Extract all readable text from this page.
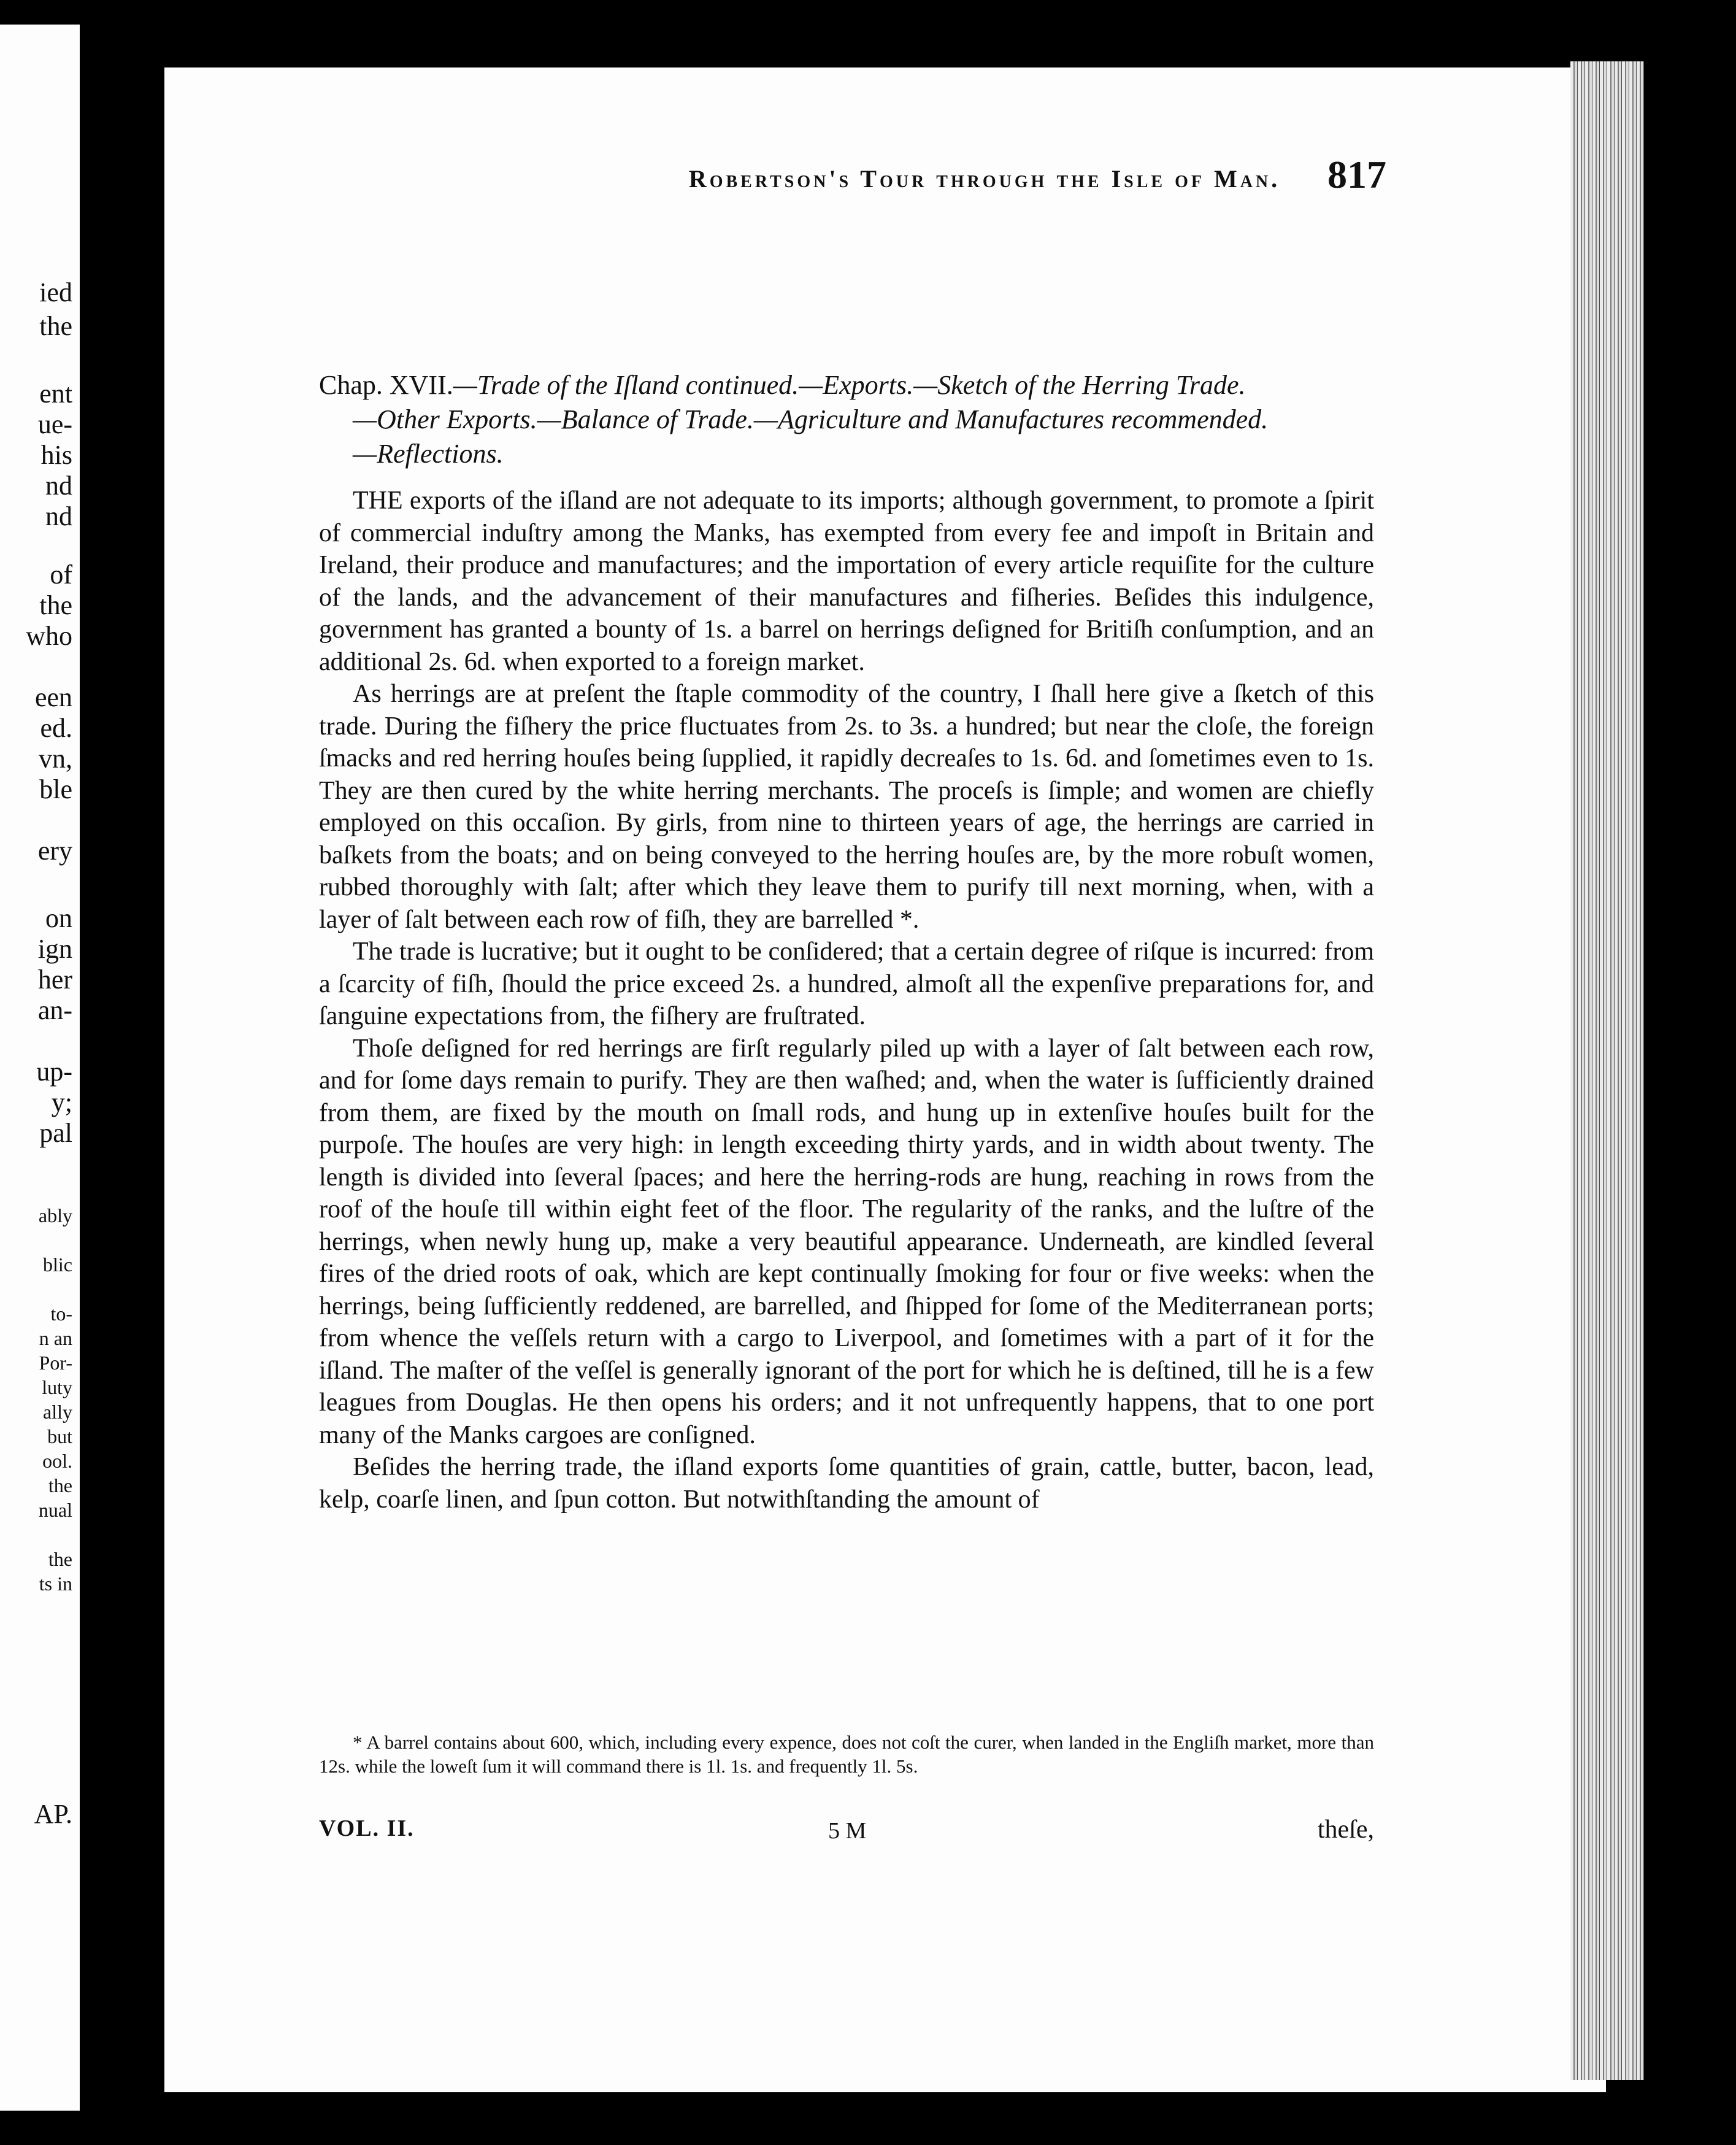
ied
the
ent
ue-
his
nd
nd
of
the
who
een
ed.
vn,
ble
ery
on
ign
her
an-
up-
y;
pal
ably
blic
to-
n an
Por-
luty
ally
but
ool.
the
nual
the
ts in
AP.
Robertson's Tour through the Isle of Man.	817
Chap. XVII.—Trade of the Iſland continued.—Exports.—Sketch of the Herring Trade.
—Other Exports.—Balance of Trade.—Agriculture and Manufactures recommended.
—Reflections.

THE exports of the iſland are not adequate to its imports; although government, to promote a ſpirit of commercial induſtry among the Manks, has exempted from every fee and impoſt in Britain and Ireland, their produce and manufactures; and the importation of every article requiſite for the culture of the lands, and the advancement of their manufactures and fiſheries. Beſides this indulgence, government has granted a bounty of 1s. a barrel on herrings deſigned for Britiſh conſumption, and an additional 2s. 6d. when exported to a foreign market.

As herrings are at preſent the ſtaple commodity of the country, I ſhall here give a ſketch of this trade. During the fiſhery the price fluctuates from 2s. to 3s. a hundred; but near the cloſe, the foreign ſmacks and red herring houſes being ſupplied, it rapidly decreaſes to 1s. 6d. and ſometimes even to 1s. They are then cured by the white herring merchants. The proceſs is ſimple; and women are chiefly employed on this occaſion. By girls, from nine to thirteen years of age, the herrings are carried in baſkets from the boats; and on being conveyed to the herring houſes are, by the more robuſt women, rubbed thoroughly with ſalt; after which they leave them to purify till next morning, when, with a layer of ſalt between each row of fiſh, they are barrelled *.

The trade is lucrative; but it ought to be conſidered; that a certain degree of riſque is incurred: from a ſcarcity of fiſh, ſhould the price exceed 2s. a hundred, almoſt all the expenſive preparations for, and ſanguine expectations from, the fiſhery are fruſtrated.

Thoſe deſigned for red herrings are firſt regularly piled up with a layer of ſalt between each row, and for ſome days remain to purify. They are then waſhed; and, when the water is ſufficiently drained from them, are fixed by the mouth on ſmall rods, and hung up in extenſive houſes built for the purpoſe. The houſes are very high: in length exceeding thirty yards, and in width about twenty. The length is divided into ſeveral ſpaces; and here the herring-rods are hung, reaching in rows from the roof of the houſe till within eight feet of the floor. The regularity of the ranks, and the luſtre of the herrings, when newly hung up, make a very beautiful appearance. Underneath, are kindled ſeveral fires of the dried roots of oak, which are kept continually ſmoking for four or five weeks: when the herrings, being ſufficiently reddened, are barrelled, and ſhipped for ſome of the Mediterranean ports; from whence the veſſels return with a cargo to Liverpool, and ſometimes with a part of it for the iſland. The maſter of the veſſel is generally ignorant of the port for which he is deſtined, till he is a few leagues from Douglas. He then opens his orders; and it not unfrequently happens, that to one port many of the Manks cargoes are conſigned.

Beſides the herring trade, the iſland exports ſome quantities of grain, cattle, butter, bacon, lead, kelp, coarſe linen, and ſpun cotton. But notwithſtanding the amount of

* A barrel contains about 600, which, including every expence, does not coſt the curer, when landed in the Engliſh market, more than 12s. while the loweſt ſum it will command there is 1l. 1s. and frequently 1l. 5s.

VOL. II.	5 M	theſe,
